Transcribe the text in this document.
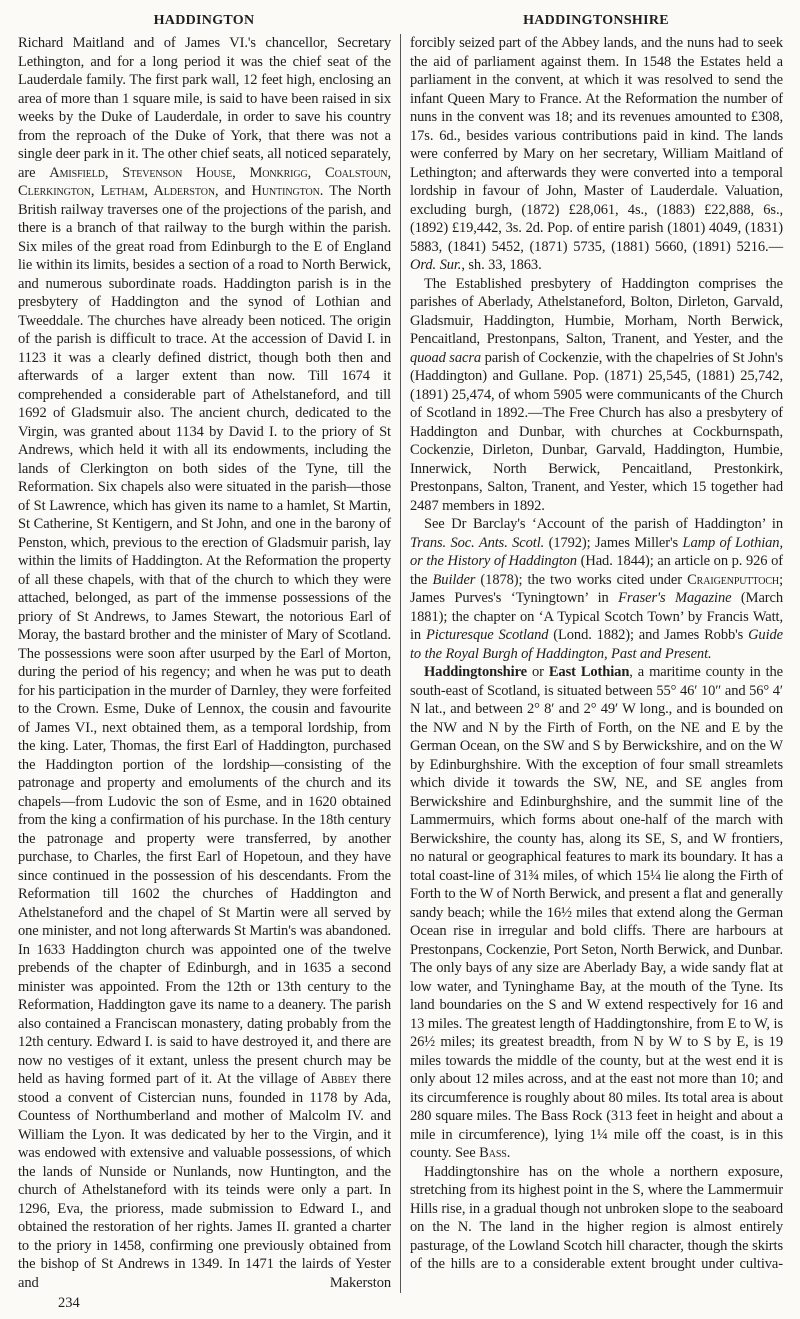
HADDINGTON	HADDINGTONSHIRE

Richard Maitland and of James VI.'s chancellor, Secretary Lethington, and for a long period it was the chief seat of the Lauderdale family. The first park wall, 12 feet high, enclosing an area of more than 1 square mile, is said to have been raised in six weeks by the Duke of Lauderdale, in order to save his country from the reproach of the Duke of York, that there was not a single deer park in it. The other chief seats, all noticed separately, are Amisfield, Stevenson House, Monkrigg, Coalstoun, Clerkington, Letham, Alderston, and Huntington. The North British railway traverses one of the projections of the parish, and there is a branch of that railway to the burgh within the parish. Six miles of the great road from Edinburgh to the E of England lie within its limits, besides a section of a road to North Berwick, and numerous subordinate roads. Haddington parish is in the presbytery of Haddington and the synod of Lothian and Tweeddale. The churches have already been noticed. The origin of the parish is difficult to trace. At the accession of David I. in 1123 it was a clearly defined district, though both then and afterwards of a larger extent than now. Till 1674 it comprehended a considerable part of Athelstaneford, and till 1692 of Gladsmuir also. The ancient church, dedicated to the Virgin, was granted about 1134 by David I. to the priory of St Andrews, which held it with all its endowments, including the lands of Clerkington on both sides of the Tyne, till the Reformation. Six chapels also were situated in the parish—those of St Lawrence, which has given its name to a hamlet, St Martin, St Catherine, St Kentigern, and St John, and one in the barony of Penston, which, previous to the erection of Gladsmuir parish, lay within the limits of Haddington. At the Reformation the property of all these chapels, with that of the church to which they were attached, belonged, as part of the immense possessions of the priory of St Andrews, to James Stewart, the notorious Earl of Moray, the bastard brother and the minister of Mary of Scotland. The possessions were soon after usurped by the Earl of Morton, during the period of his regency; and when he was put to death for his participation in the murder of Darnley, they were forfeited to the Crown. Esme, Duke of Lennox, the cousin and favourite of James VI., next obtained them, as a temporal lordship, from the king. Later, Thomas, the first Earl of Haddington, purchased the Haddington portion of the lordship—consisting of the patronage and property and emoluments of the church and its chapels—from Ludovic the son of Esme, and in 1620 obtained from the king a confirmation of his purchase. In the 18th century the patronage and property were transferred, by another purchase, to Charles, the first Earl of Hopetoun, and they have since continued in the possession of his descendants. From the Reformation till 1602 the churches of Haddington and Athelstaneford and the chapel of St Martin were all served by one minister, and not long afterwards St Martin's was abandoned. In 1633 Haddington church was appointed one of the twelve prebends of the chapter of Edinburgh, and in 1635 a second minister was appointed. From the 12th or 13th century to the Reformation, Haddington gave its name to a deanery. The parish also contained a Franciscan monastery, dating probably from the 12th century. Edward I. is said to have destroyed it, and there are now no vestiges of it extant, unless the present church may be held as having formed part of it. At the village of Abbey there stood a convent of Cistercian nuns, founded in 1178 by Ada, Countess of Northumberland and mother of Malcolm IV. and William the Lyon. It was dedicated by her to the Virgin, and it was endowed with extensive and valuable possessions, of which the lands of Nunside or Nunlands, now Huntington, and the church of Athelstaneford with its teinds were only a part. In 1296, Eva, the prioress, made submission to Edward I., and obtained the restoration of her rights. James II. granted a charter to the priory in 1458, confirming one previously obtained from the bishop of St Andrews in 1349. In 1471 the lairds of Yester and Makerston

234

forcibly seized part of the Abbey lands, and the nuns had to seek the aid of parliament against them. In 1548 the Estates held a parliament in the convent, at which it was resolved to send the infant Queen Mary to France. At the Reformation the number of nuns in the convent was 18; and its revenues amounted to £308, 17s. 6d., besides various contributions paid in kind. The lands were conferred by Mary on her secretary, William Maitland of Lethington; and afterwards they were converted into a temporal lordship in favour of John, Master of Lauderdale. Valuation, excluding burgh, (1872) £28,061, 4s., (1883) £22,888, 6s., (1892) £19,442, 3s. 2d. Pop. of entire parish (1801) 4049, (1831) 5883, (1841) 5452, (1871) 5735, (1881) 5660, (1891) 5216.—Ord. Sur., sh. 33, 1863.

The Established presbytery of Haddington comprises the parishes of Aberlady, Athelstaneford, Bolton, Dirleton, Garvald, Gladsmuir, Haddington, Humbie, Morham, North Berwick, Pencaitland, Prestonpans, Salton, Tranent, and Yester, and the quoad sacra parish of Cockenzie, with the chapelries of St John's (Haddington) and Gullane. Pop. (1871) 25,545, (1881) 25,742, (1891) 25,474, of whom 5905 were communicants of the Church of Scotland in 1892.—The Free Church has also a presbytery of Haddington and Dunbar, with churches at Cockburnspath, Cockenzie, Dirleton, Dunbar, Garvald, Haddington, Humbie, Innerwick, North Berwick, Pencaitland, Prestonkirk, Prestonpans, Salton, Tranent, and Yester, which 15 together had 2487 members in 1892.

See Dr Barclay's ‘Account of the parish of Haddington’ in Trans. Soc. Ants. Scotl. (1792); James Miller's Lamp of Lothian, or the History of Haddington (Had. 1844); an article on p. 926 of the Builder (1878); the two works cited under Craigenputtoch; James Purves's ‘Tyningtown’ in Fraser's Magazine (March 1881); the chapter on ‘A Typical Scotch Town’ by Francis Watt, in Picturesque Scotland (Lond. 1882); and James Robb's Guide to the Royal Burgh of Haddington, Past and Present.

Haddingtonshire or East Lothian, a maritime county in the south-east of Scotland, is situated between 55° 46′ 10″ and 56° 4′ N lat., and between 2° 8′ and 2° 49′ W long., and is bounded on the NW and N by the Firth of Forth, on the NE and E by the German Ocean, on the SW and S by Berwickshire, and on the W by Edinburghshire. With the exception of four small streamlets which divide it towards the SW, NE, and SE angles from Berwickshire and Edinburghshire, and the summit line of the Lammermuirs, which forms about one-half of the march with Berwickshire, the county has, along its SE, S, and W frontiers, no natural or geographical features to mark its boundary. It has a total coast-line of 31¾ miles, of which 15¼ lie along the Firth of Forth to the W of North Berwick, and present a flat and generally sandy beach; while the 16½ miles that extend along the German Ocean rise in irregular and bold cliffs. There are harbours at Prestonpans, Cockenzie, Port Seton, North Berwick, and Dunbar. The only bays of any size are Aberlady Bay, a wide sandy flat at low water, and Tyninghame Bay, at the mouth of the Tyne. Its land boundaries on the S and W extend respectively for 16 and 13 miles. The greatest length of Haddingtonshire, from E to W, is 26½ miles; its greatest breadth, from N by W to S by E, is 19 miles towards the middle of the county, but at the west end it is only about 12 miles across, and at the east not more than 10; and its circumference is roughly about 80 miles. Its total area is about 280 square miles. The Bass Rock (313 feet in height and about a mile in circumference), lying 1¼ mile off the coast, is in this county. See Bass.

Haddingtonshire has on the whole a northern exposure, stretching from its highest point in the S, where the Lammermuir Hills rise, in a gradual though not unbroken slope to the seaboard on the N. The land in the higher region is almost entirely pasturage, of the Lowland Scotch hill character, though the skirts of the hills are to a considerable extent brought under cultiva-
